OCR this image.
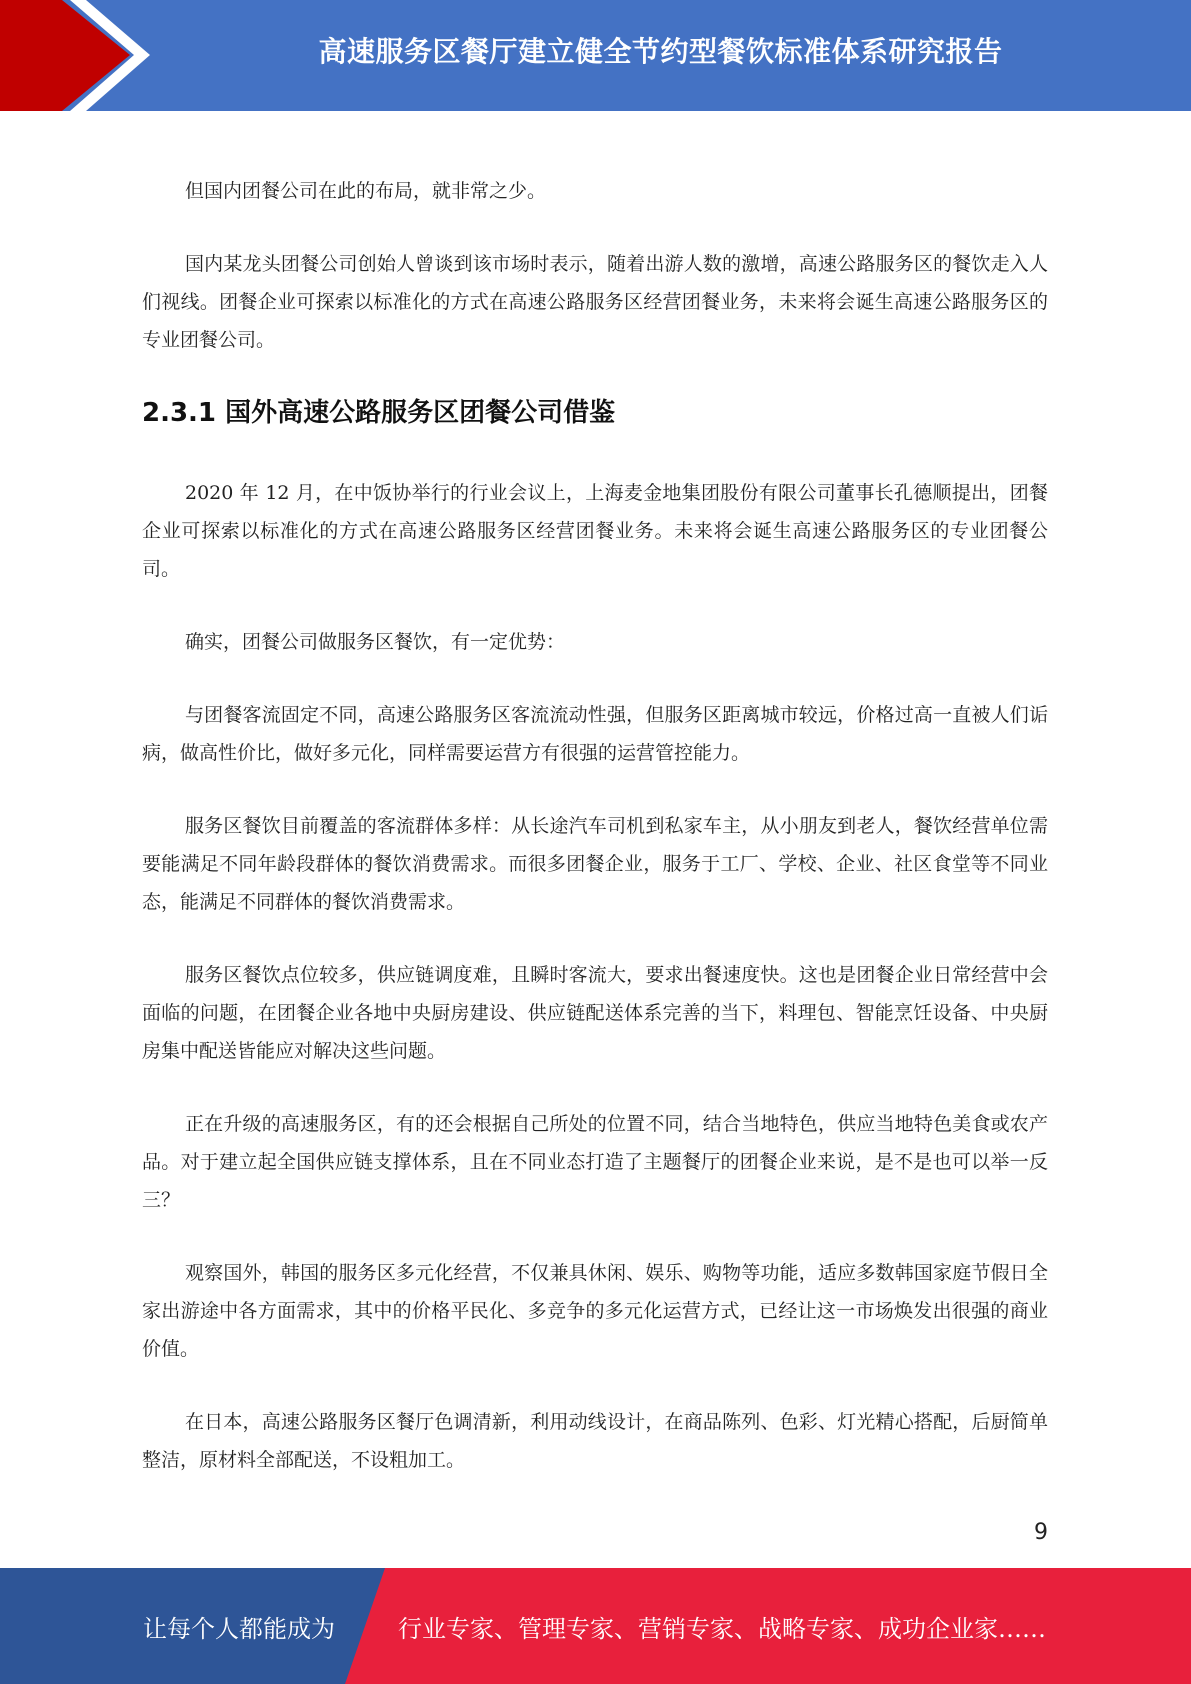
高速服务区餐厅建立健全节约型餐饮标准体系研究报告

但国内团餐公司在此的布局，就非常之少。

国内某龙头团餐公司创始人曾谈到该市场时表示，随着出游人数的激增，高速公路服务区的餐饮走入人们视线。团餐企业可探索以标准化的方式在高速公路服务区经营团餐业务，未来将会诞生高速公路服务区的专业团餐公司。

2.3.1 国外高速公路服务区团餐公司借鉴

2020 年 12 月，在中饭协举行的行业会议上，上海麦金地集团股份有限公司董事长孔德顺提出，团餐企业可探索以标准化的方式在高速公路服务区经营团餐业务。未来将会诞生高速公路服务区的专业团餐公司。

确实，团餐公司做服务区餐饮，有一定优势：

与团餐客流固定不同，高速公路服务区客流流动性强，但服务区距离城市较远，价格过高一直被人们诟病，做高性价比，做好多元化，同样需要运营方有很强的运营管控能力。

服务区餐饮目前覆盖的客流群体多样：从长途汽车司机到私家车主，从小朋友到老人，餐饮经营单位需要能满足不同年龄段群体的餐饮消费需求。而很多团餐企业，服务于工厂、学校、企业、社区食堂等不同业态，能满足不同群体的餐饮消费需求。

服务区餐饮点位较多，供应链调度难，且瞬时客流大，要求出餐速度快。这也是团餐企业日常经营中会面临的问题，在团餐企业各地中央厨房建设、供应链配送体系完善的当下，料理包、智能烹饪设备、中央厨房集中配送皆能应对解决这些问题。

正在升级的高速服务区，有的还会根据自己所处的位置不同，结合当地特色，供应当地特色美食或农产品。对于建立起全国供应链支撑体系，且在不同业态打造了主题餐厅的团餐企业来说，是不是也可以举一反三？

观察国外，韩国的服务区多元化经营，不仅兼具休闲、娱乐、购物等功能，适应多数韩国家庭节假日全家出游途中各方面需求，其中的价格平民化、多竞争的多元化运营方式，已经让这一市场焕发出很强的商业价值。

在日本，高速公路服务区餐厅色调清新，利用动线设计，在商品陈列、色彩、灯光精心搭配，后厨简单整洁，原材料全部配送，不设粗加工。

9
让每个人都能成为	行业专家、管理专家、营销专家、战略专家、成功企业家……
